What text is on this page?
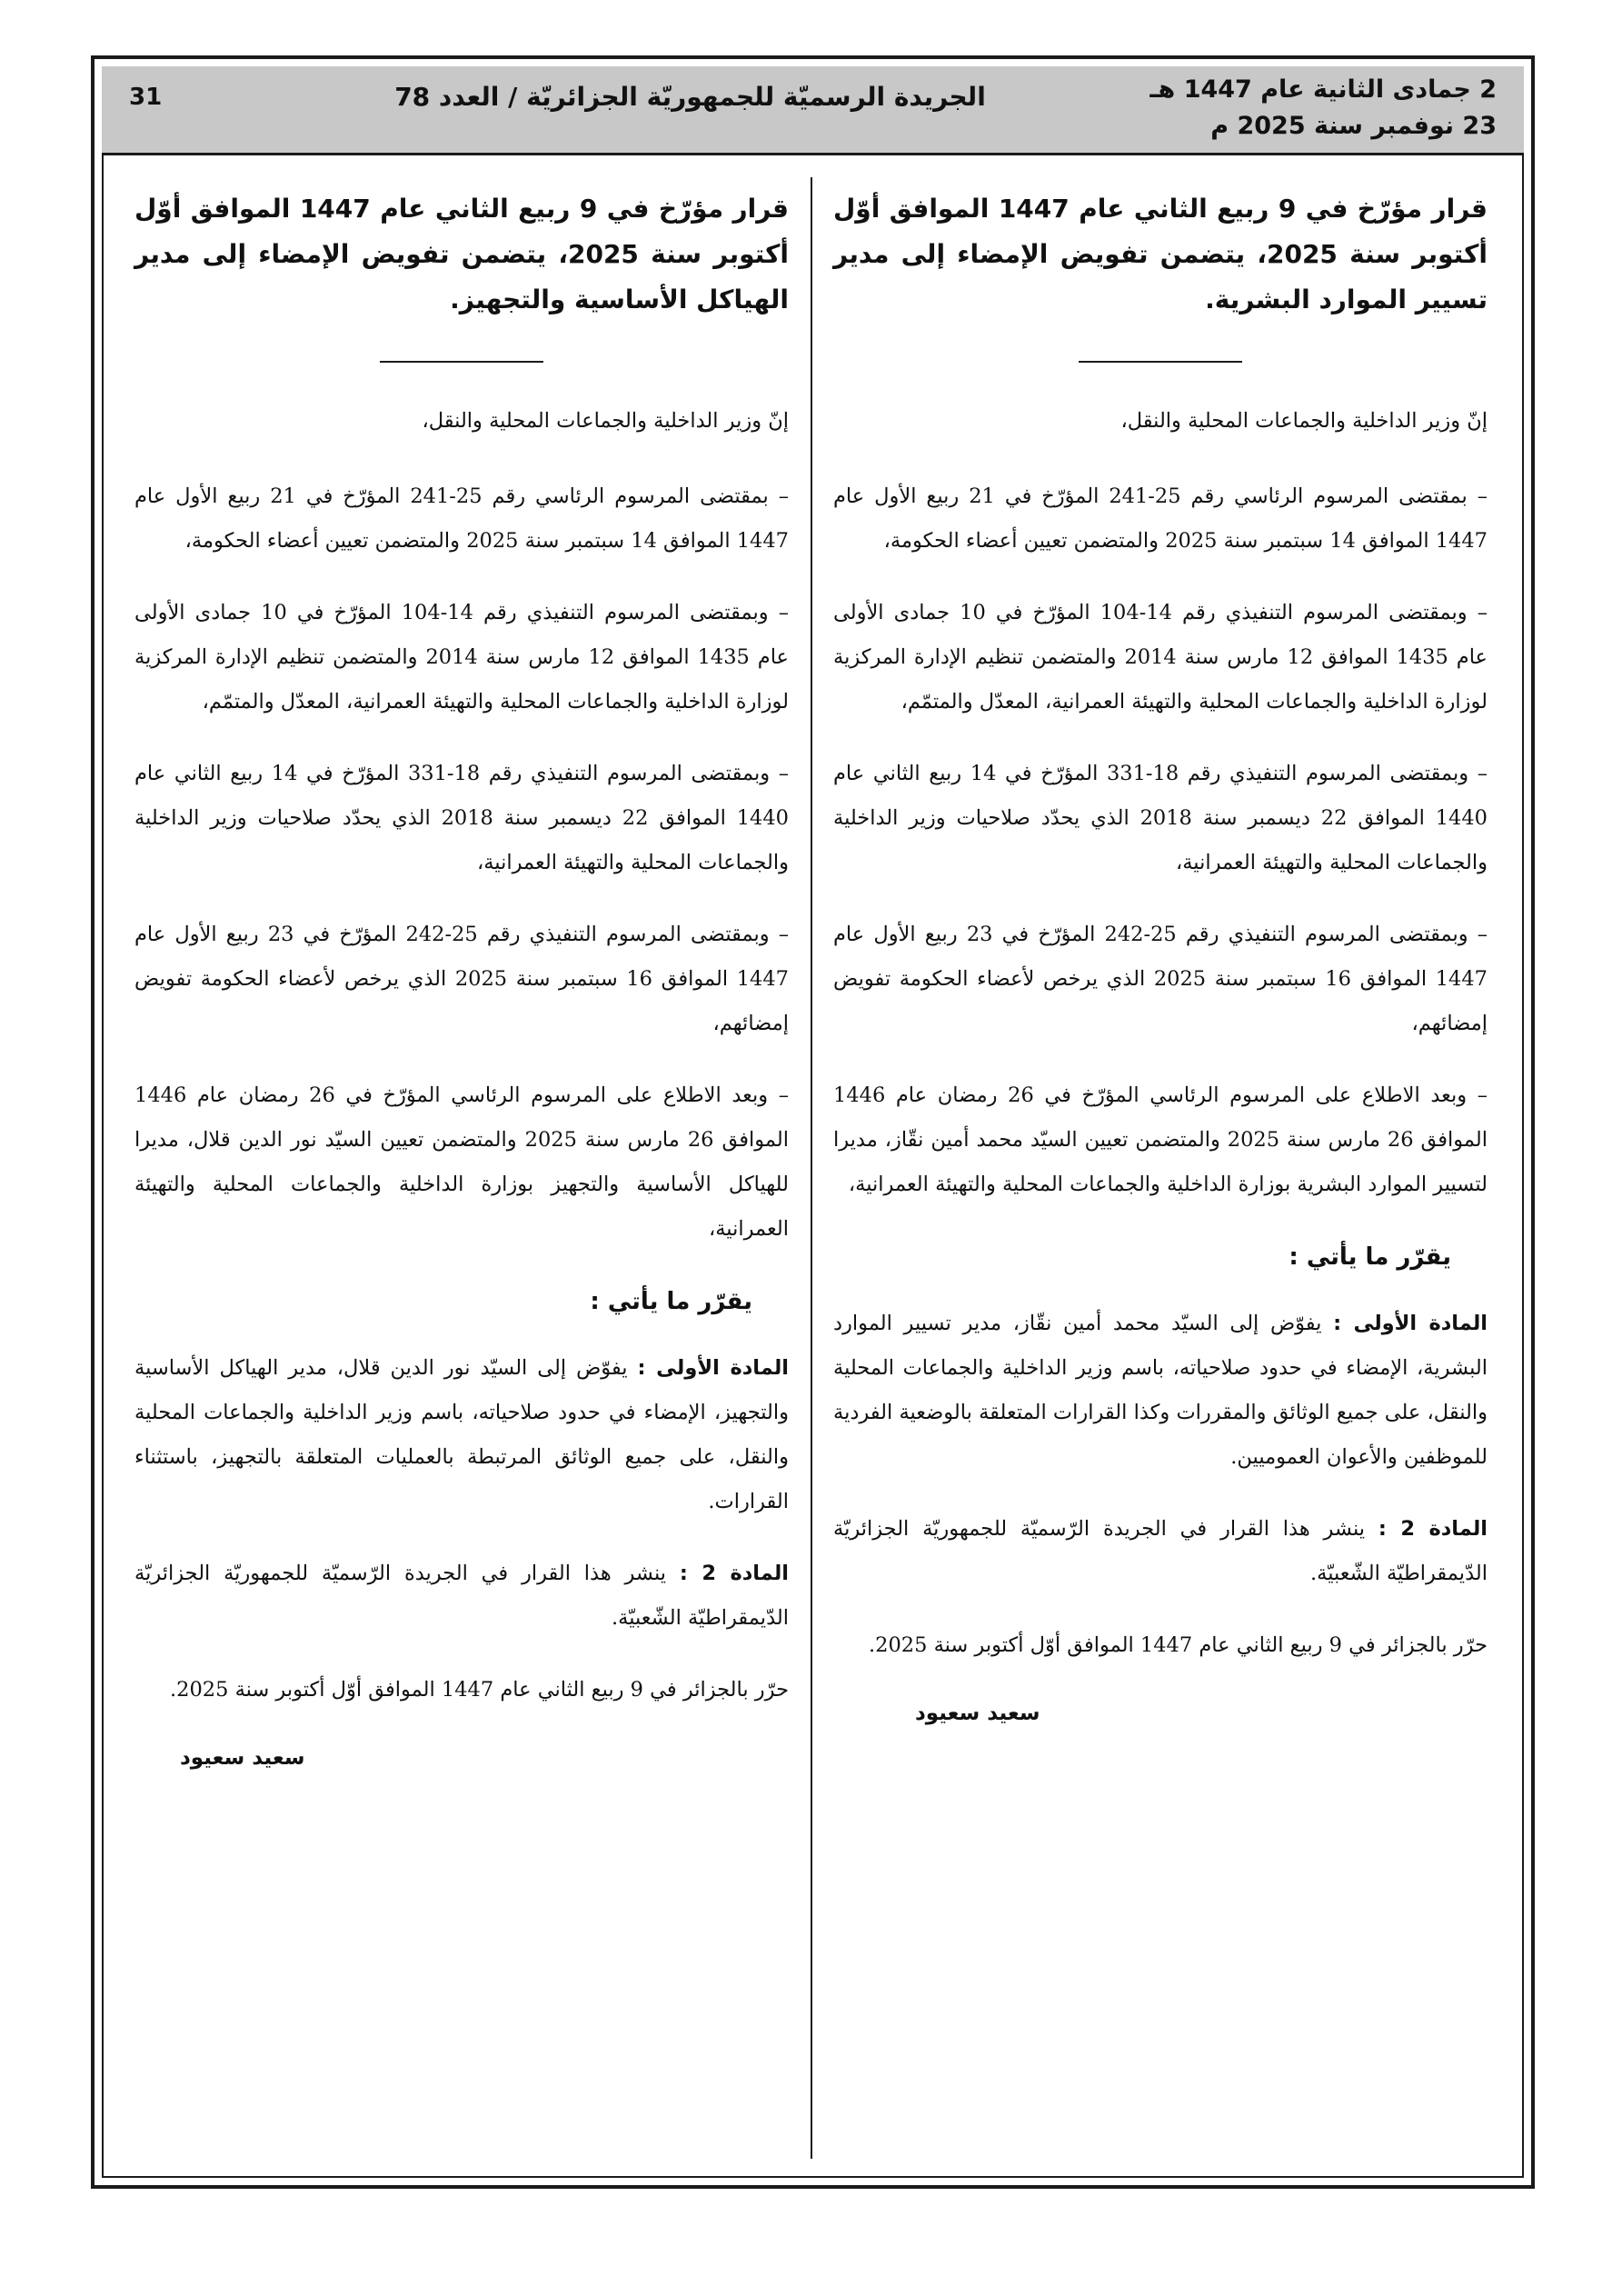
2 جمادى الثانية عام 1447 هـ
23 نوفمبر سنة 2025 م
الجريدة الرسميّة للجمهوريّة الجزائريّة / العدد 78
31

قرار مؤرّخ في 9 ربيع الثاني عام 1447 الموافق أوّل أكتوبر سنة 2025، يتضمن تفويض الإمضاء إلى مدير تسيير الموارد البشرية.

إنّ وزير الداخلية والجماعات المحلية والنقل،

– بمقتضى المرسوم الرئاسي رقم 25-241 المؤرّخ في 21 ربيع الأول عام 1447 الموافق 14 سبتمبر سنة 2025 والمتضمن تعيين أعضاء الحكومة،

– وبمقتضى المرسوم التنفيذي رقم 14-104 المؤرّخ في 10 جمادى الأولى عام 1435 الموافق 12 مارس سنة 2014 والمتضمن تنظيم الإدارة المركزية لوزارة الداخلية والجماعات المحلية والتهيئة العمرانية، المعدّل والمتمّم،

– وبمقتضى المرسوم التنفيذي رقم 18-331 المؤرّخ في 14 ربيع الثاني عام 1440 الموافق 22 ديسمبر سنة 2018 الذي يحدّد صلاحيات وزير الداخلية والجماعات المحلية والتهيئة العمرانية،

– وبمقتضى المرسوم التنفيذي رقم 25-242 المؤرّخ في 23 ربيع الأول عام 1447 الموافق 16 سبتمبر سنة 2025 الذي يرخص لأعضاء الحكومة تفويض إمضائهم،

– وبعد الاطلاع على المرسوم الرئاسي المؤرّخ في 26 رمضان عام 1446 الموافق 26 مارس سنة 2025 والمتضمن تعيين السيّد محمد أمين نقّاز، مديرا لتسيير الموارد البشرية بوزارة الداخلية والجماعات المحلية والتهيئة العمرانية،

يقرّر ما يأتي :

المادة الأولى : يفوّض إلى السيّد محمد أمين نقّاز، مدير تسيير الموارد البشرية، الإمضاء في حدود صلاحياته، باسم وزير الداخلية والجماعات المحلية والنقل، على جميع الوثائق والمقررات وكذا القرارات المتعلقة بالوضعية الفردية للموظفين والأعوان العموميين.

المادة 2 : ينشر هذا القرار في الجريدة الرّسميّة للجمهوريّة الجزائريّة الدّيمقراطيّة الشّعبيّة.

حرّر بالجزائر في 9 ربيع الثاني عام 1447 الموافق أوّل أكتوبر سنة 2025.

سعيد سعيود

قرار مؤرّخ في 9 ربيع الثاني عام 1447 الموافق أوّل أكتوبر سنة 2025، يتضمن تفويض الإمضاء إلى مدير الهياكل الأساسية والتجهيز.

إنّ وزير الداخلية والجماعات المحلية والنقل،

– بمقتضى المرسوم الرئاسي رقم 25-241 المؤرّخ في 21 ربيع الأول عام 1447 الموافق 14 سبتمبر سنة 2025 والمتضمن تعيين أعضاء الحكومة،

– وبمقتضى المرسوم التنفيذي رقم 14-104 المؤرّخ في 10 جمادى الأولى عام 1435 الموافق 12 مارس سنة 2014 والمتضمن تنظيم الإدارة المركزية لوزارة الداخلية والجماعات المحلية والتهيئة العمرانية، المعدّل والمتمّم،

– وبمقتضى المرسوم التنفيذي رقم 18-331 المؤرّخ في 14 ربيع الثاني عام 1440 الموافق 22 ديسمبر سنة 2018 الذي يحدّد صلاحيات وزير الداخلية والجماعات المحلية والتهيئة العمرانية،

– وبمقتضى المرسوم التنفيذي رقم 25-242 المؤرّخ في 23 ربيع الأول عام 1447 الموافق 16 سبتمبر سنة 2025 الذي يرخص لأعضاء الحكومة تفويض إمضائهم،

– وبعد الاطلاع على المرسوم الرئاسي المؤرّخ في 26 رمضان عام 1446 الموافق 26 مارس سنة 2025 والمتضمن تعيين السيّد نور الدين قلال، مديرا للهياكل الأساسية والتجهيز بوزارة الداخلية والجماعات المحلية والتهيئة العمرانية،

يقرّر ما يأتي :

المادة الأولى : يفوّض إلى السيّد نور الدين قلال، مدير الهياكل الأساسية والتجهيز، الإمضاء في حدود صلاحياته، باسم وزير الداخلية والجماعات المحلية والنقل، على جميع الوثائق المرتبطة بالعمليات المتعلقة بالتجهيز، باستثناء القرارات.

المادة 2 : ينشر هذا القرار في الجريدة الرّسميّة للجمهوريّة الجزائريّة الدّيمقراطيّة الشّعبيّة.

حرّر بالجزائر في 9 ربيع الثاني عام 1447 الموافق أوّل أكتوبر سنة 2025.

سعيد سعيود
